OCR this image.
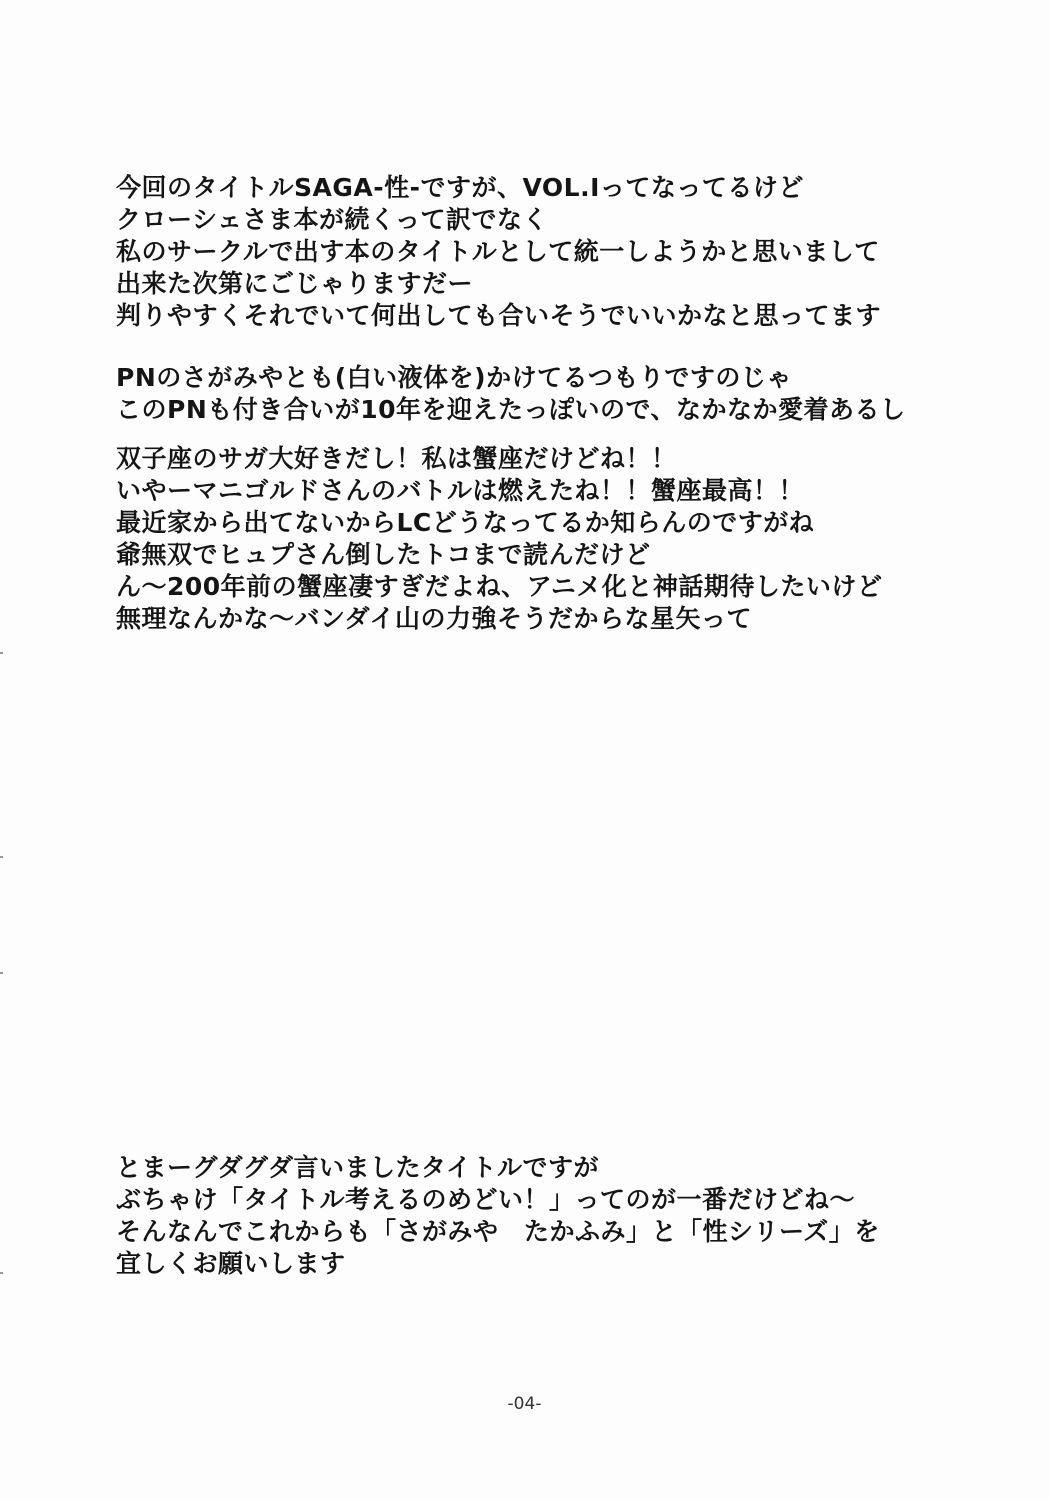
今回のタイトルSAGA-性-ですが、VOL.Ⅰってなってるけど
クローシェさま本が続くって訳でなく
私のサークルで出す本のタイトルとして統一しようかと思いまして
出来た次第にごじゃりますだー
判りやすくそれでいて何出しても合いそうでいいかなと思ってます
PNのさがみやとも(白い液体を)かけてるつもりですのじゃ
このPNも付き合いが10年を迎えたっぽいので、なかなか愛着あるし
双子座のサガ大好きだし！私は蟹座だけどね！！
いやーマニゴルドさんのバトルは燃えたね！！蟹座最高！！
最近家から出てないからLCどうなってるか知らんのですがね
爺無双でヒュプさん倒したトコまで読んだけど
ん～200年前の蟹座凄すぎだよね、アニメ化と神話期待したいけど
無理なんかな～バンダイ山の力強そうだからな星矢って
とまーグダグダ言いましたタイトルですが
ぶちゃけ「タイトル考えるのめどい！」ってのが一番だけどね～
そんなんでこれからも「さがみや　たかふみ」と「性シリーズ」を
宜しくお願いします
-04-
